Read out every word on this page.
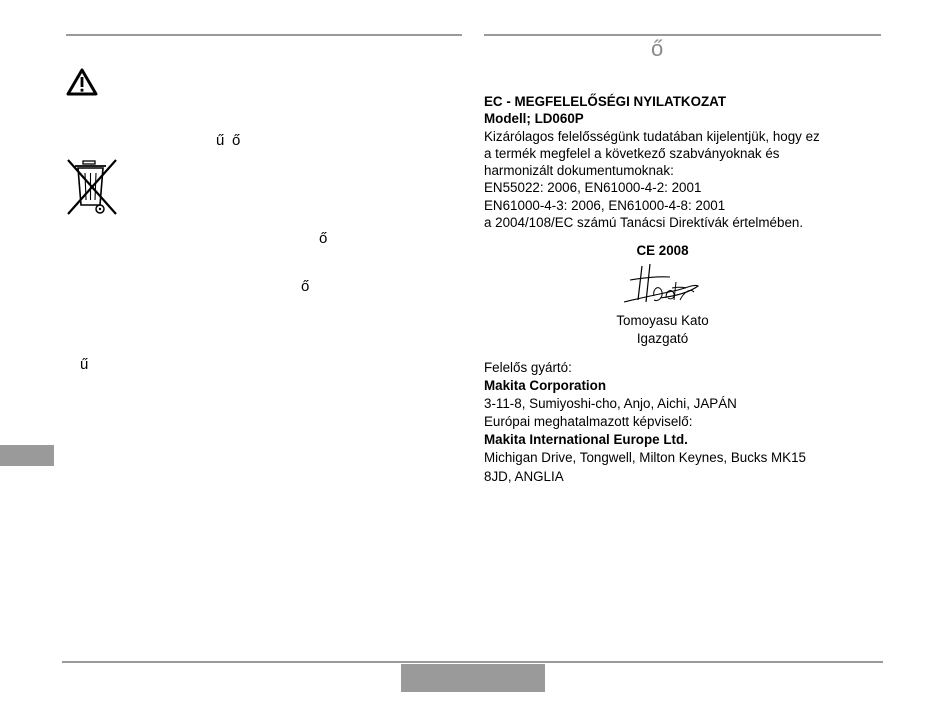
ő
ű ő
ő
ő
ű
EC - MEGFELELŐSÉGI NYILATKOZAT
Modell; LD060P
Kizárólagos felelősségünk tudatában kijelentjük, hogy ez
a termék megfelel a következő szabványoknak és
harmonizált dokumentumoknak:
EN55022: 2006, EN61000-4-2: 2001
EN61000-4-3: 2006, EN61000-4-8: 2001
a 2004/108/EC számú Tanácsi Direktívák értelmében.
CE 2008
Tomoyasu Kato
Igazgató
Felelős gyártó:
Makita Corporation
3-11-8, Sumiyoshi-cho, Anjo, Aichi, JAPÁN
Európai meghatalmazott képviselő:
Makita International Europe Ltd.
Michigan Drive, Tongwell, Milton Keynes, Bucks MK15
8JD, ANGLIA
